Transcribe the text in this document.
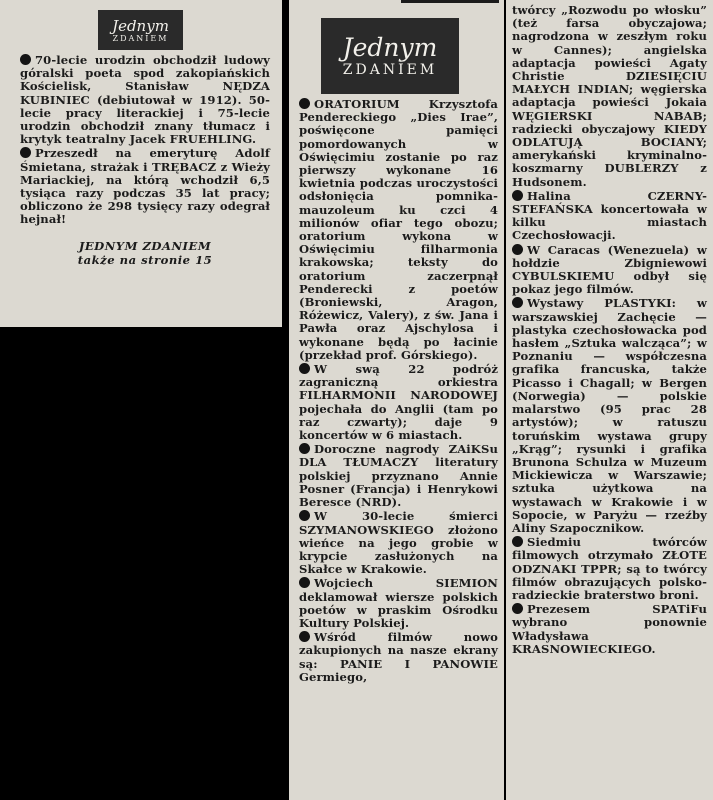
Jednym
ZDANIEM

70-lecie urodzin obchodził ludowy góralski poeta spod zakopiańskich Kościelisk, Stanisław NĘDZA KUBINIEC (debiutował w 1912). 50-lecie pracy literackiej i 75-lecie urodzin obchodził znany tłumacz i krytyk teatralny Jacek FRUEHLING.

Przeszedł na emeryturę Adolf Śmietana, strażak i TRĘBACZ z Wieży Mariackiej, na którą wchodził 6,5 tysiąca razy podczas 35 lat pracy; obliczono że 298 tysięcy razy odegrał hejnał!

JEDNYM ZDANIEM
także na stronie 15

Jednym
ZDANIEM

ORATORIUM Krzysztofa Pendereckiego „Dies Irae”, poświęcone pamięci pomordowanych w Oświęcimiu zostanie po raz pierwszy wykonane 16 kwietnia podczas uroczystości odsłonięcia pomnika-mauzoleum ku czci 4 milionów ofiar tego obozu; oratorium wykona w Oświęcimiu filharmonia krakowska; teksty do oratorium zaczerpnął Penderecki z poetów (Broniewski, Aragon, Różewicz, Valery), z św. Jana i Pawła oraz Ajschylosa i wykonane będą po łacinie (przekład prof. Górskiego).

W swą 22 podróż zagraniczną orkiestra FILHARMONII NARODOWEJ pojechała do Anglii (tam po raz czwarty); daje 9 koncertów w 6 miastach.

Doroczne nagrody ZAiKSu DLA TŁUMACZY literatury polskiej przyznano Annie Posner (Francja) i Henrykowi Beresce (NRD).

W 30-lecie śmierci SZYMANOWSKIEGO złożono wieńce na jego grobie w krypcie zasłużonych na Skałce w Krakowie.

Wojciech SIEMION deklamował wiersze polskich poetów w praskim Ośrodku Kultury Polskiej.

Wśród filmów nowo zakupionych na nasze ekrany są: PANIE I PANOWIE Germiego,

twórcy „Rozwodu po włosku” (też farsa obyczajowa; nagrodzona w zeszłym roku w Cannes); angielska adaptacja powieści Agaty Christie DZIESIĘCIU MAŁYCH INDIAN; węgierska adaptacja powieści Jokaia WĘGIERSKI NABAB; radziecki obyczajowy KIEDY ODLATUJĄ BOCIANY; amerykański kryminalno-koszmarny DUBLERZY z Hudsonem.

Halina CZERNY-STEFAŃSKA koncertowała w kilku miastach Czechosłowacji.

W Caracas (Wenezuela) w hołdzie Zbigniewowi CYBULSKIEMU odbył się pokaz jego filmów.

Wystawy PLASTYKI: w warszawskiej Zachęcie — plastyka czechosłowacka pod hasłem „Sztuka walcząca”; w Poznaniu — współczesna grafika francuska, także Picasso i Chagall; w Bergen (Norwegia) — polskie malarstwo (95 prac 28 artystów); w ratuszu toruńskim wystawa grupy „Krąg”; rysunki i grafika Brunona Schulza w Muzeum Mickiewicza w Warszawie; sztuka użytkowa na wystawach w Krakowie i w Sopocie, w Paryżu — rzeźby Aliny Szapocznikow.

Siedmiu twórców filmowych otrzymało ZŁOTE ODZNAKI TPPR; są to twórcy filmów obrazujących polsko-radzieckie braterstwo broni.

Prezesem SPATiFu wybrano ponownie Władysława KRASNOWIECKIEGO.
